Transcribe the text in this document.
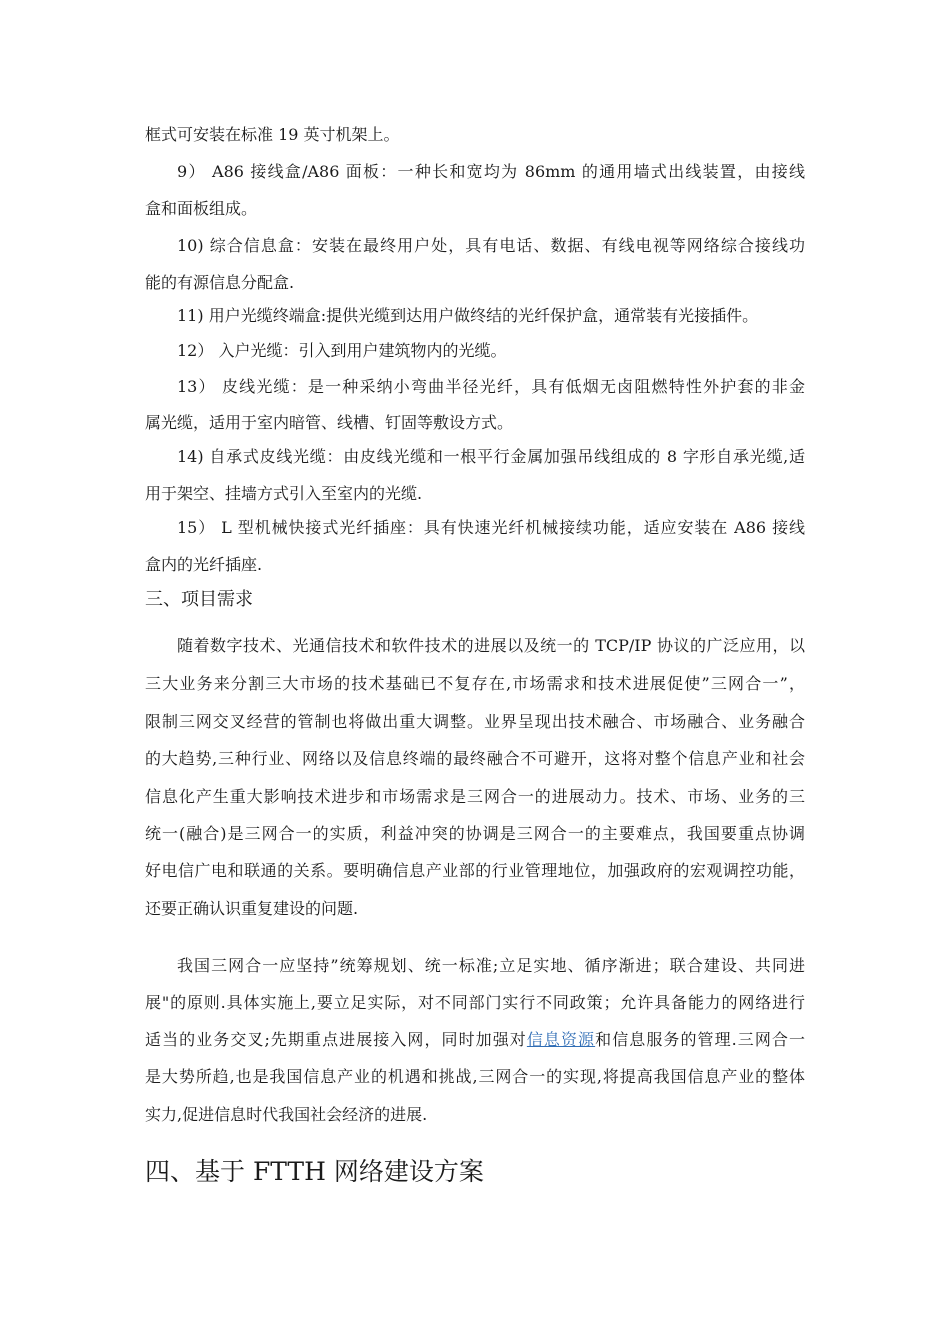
框式可安装在标准 19 英寸机架上。
9） A86 接线盒/A86 面板：一种长和宽均为 86mm 的通用墙式出线装置，由接线
盒和面板组成。
10) 综合信息盒：安装在最终用户处，具有电话、数据、有线电视等网络综合接线功
能的有源信息分配盒.
11) 用户光缆终端盒:提供光缆到达用户做终结的光纤保护盒，通常装有光接插件。
12） 入户光缆：引入到用户建筑物内的光缆。
13） 皮线光缆：是一种采纳小弯曲半径光纤，具有低烟无卤阻燃特性外护套的非金
属光缆，适用于室内暗管、线槽、钉固等敷设方式。
14) 自承式皮线光缆：由皮线光缆和一根平行金属加强吊线组成的 8 字形自承光缆,适
用于架空、挂墙方式引入至室内的光缆.
15） L 型机械快接式光纤插座：具有快速光纤机械接续功能，适应安装在 A86 接线
盒内的光纤插座.
三、项目需求
随着数字技术、光通信技术和软件技术的进展以及统一的 TCP/IP 协议的广泛应用，以
三大业务来分割三大市场的技术基础已不复存在,市场需求和技术进展促使”三网合一”，
限制三网交叉经营的管制也将做出重大调整。业界呈现出技术融合、市场融合、业务融合
的大趋势,三种行业、网络以及信息终端的最终融合不可避开，这将对整个信息产业和社会
信息化产生重大影响技术进步和市场需求是三网合一的进展动力。技术、市场、业务的三
统一(融合)是三网合一的实质，利益冲突的协调是三网合一的主要难点，我国要重点协调
好电信广电和联通的关系。要明确信息产业部的行业管理地位，加强政府的宏观调控功能，
还要正确认识重复建设的问题.
我国三网合一应坚持”统筹规划、统一标准;立足实地、循序渐进；联合建设、共同进
展"的原则.具体实施上,要立足实际，对不同部门实行不同政策；允许具备能力的网络进行
适当的业务交叉;先期重点进展接入网，同时加强对信息资源和信息服务的管理.三网合一
是大势所趋,也是我国信息产业的机遇和挑战,三网合一的实现,将提高我国信息产业的整体
实力,促进信息时代我国社会经济的进展.
四、基于 FTTH 网络建设方案
